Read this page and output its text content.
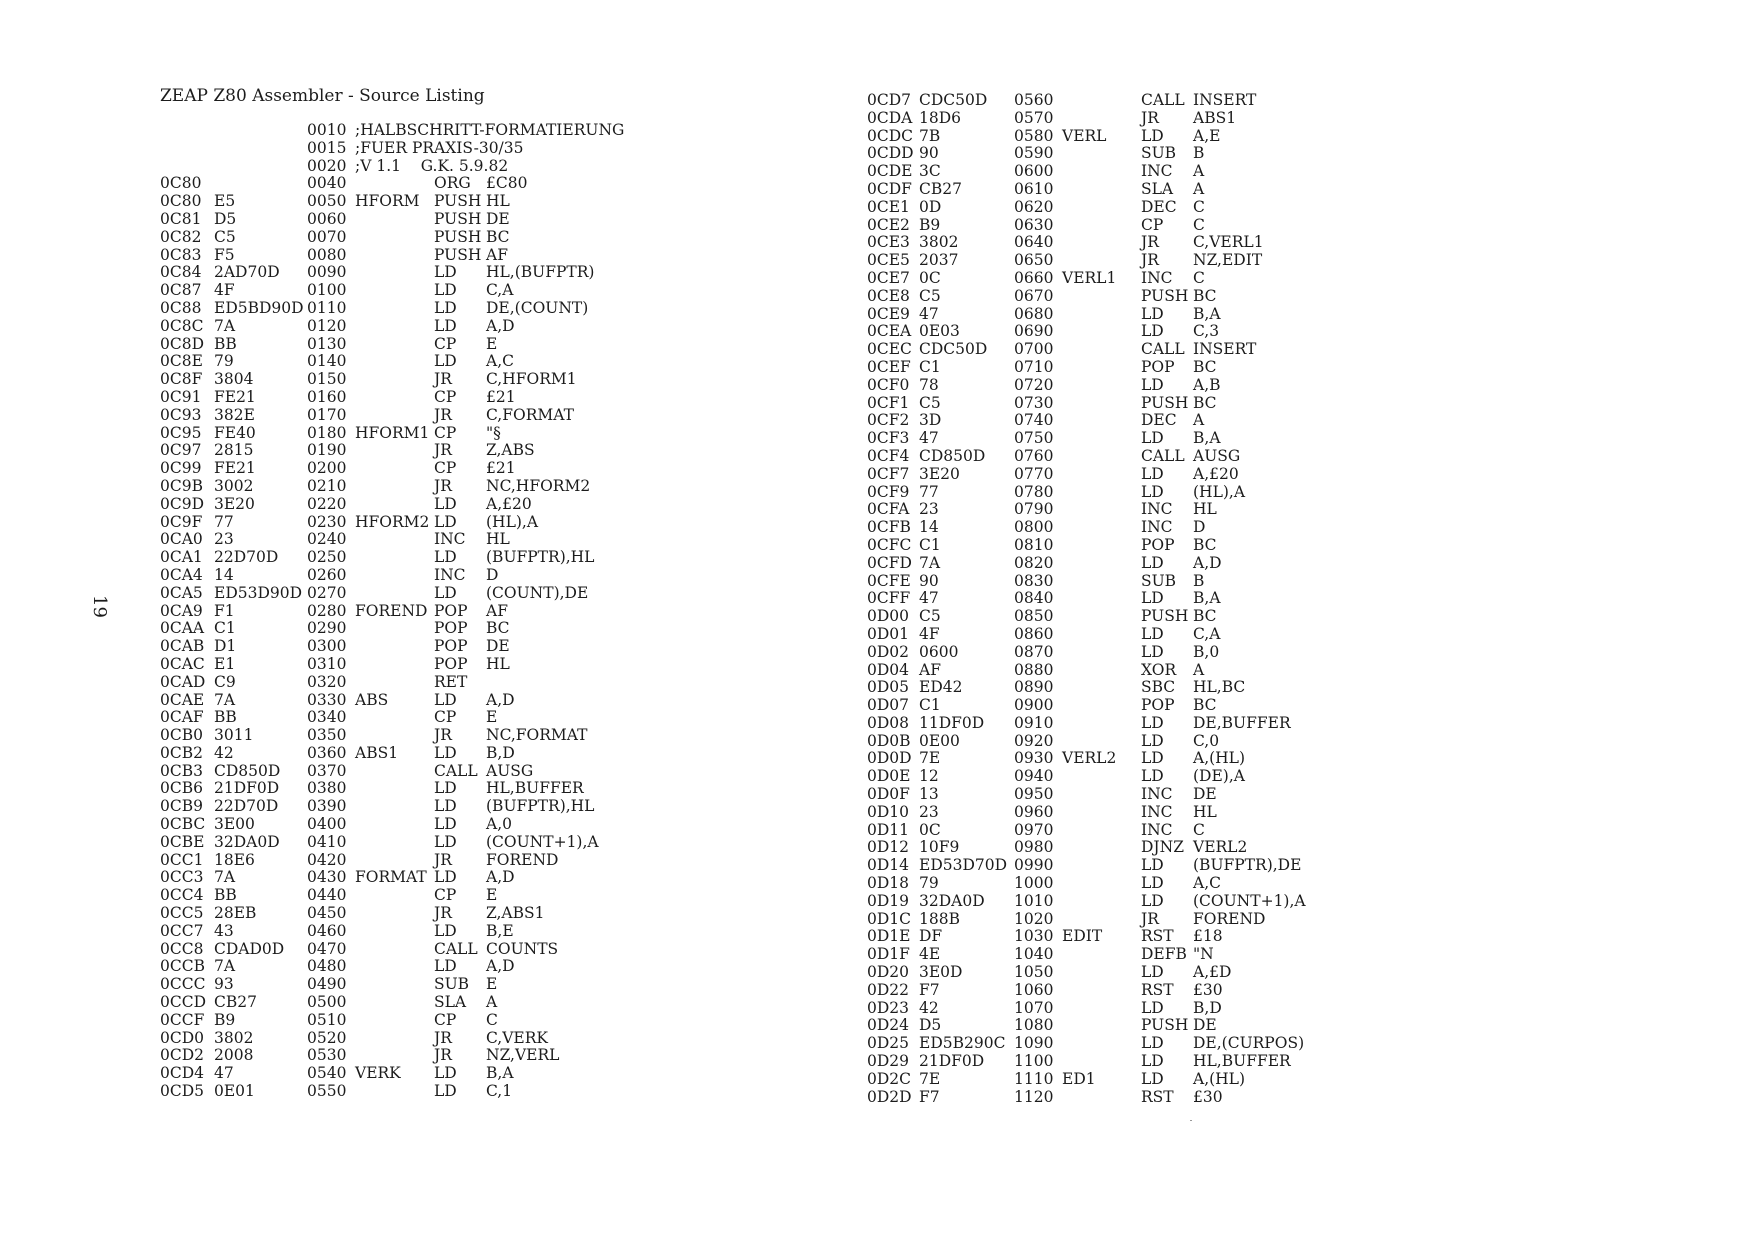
ZEAP Z80 Assembler - Source Listing
19
0010 ;HALBSCHRITT-FORMATIERUNG
0015 ;FUER PRAXIS-30/35
0020 ;V 1.1    G.K. 5.9.82
0C80	0040	ORG £C80
0C80 E5	0050 HFORM PUSH HL
0C81 D5	0060	PUSH DE
0C82 C5	0070	PUSH BC
0C83 F5	0080	PUSH AF
0C84 2AD70D	0090	LD	HL,(BUFPTR)
0C87 4F	0100	LD	C,A
0C88 ED5BD90D 0110	LD	DE,(COUNT)
0C8C 7A	0120	LD	A,D
0C8D BB	0130	CP	E
0C8E 79	0140	LD	A,C
0C8F 3804	0150	JR	C,HFORM1
0C91 FE21	0160	CP	£21
0C93 382E	0170	JR	C,FORMAT
0C95 FE40	0180 HFORM1 CP	"§
0C97 2815	0190	JR	Z,ABS
0C99 FE21	0200	CP	£21
0C9B 3002	0210	JR	NC,HFORM2
0C9D 3E20	0220	LD	A,£20
0C9F 77	0230 HFORM2 LD	(HL),A
0CA0 23	0240	INC	HL
0CA1 22D70D	0250	LD	(BUFPTR),HL
0CA4 14	0260	INC	D
0CA5 ED53D90D 0270	LD	(COUNT),DE
0CA9 F1	0280 FOREND POP	AF
0CAA C1	0290	POP	BC
0CAB D1	0300	POP	DE
0CAC E1	0310	POP	HL
0CAD C9	0320	RET
0CAE 7A	0330 ABS	LD	A,D
0CAF BB	0340	CP	E
0CB0 3011	0350	JR	NC,FORMAT
0CB2 42	0360 ABS1	LD	B,D
0CB3 CD850D	0370	CALL AUSG
0CB6 21DF0D	0380	LD	HL,BUFFER
0CB9 22D70D	0390	LD	(BUFPTR),HL
0CBC 3E00	0400	LD	A,0
0CBE 32DA0D	0410	LD	(COUNT+1),A
0CC1 18E6	0420	JR	FOREND
0CC3 7A	0430 FORMAT LD	A,D
0CC4 BB	0440	CP	E
0CC5 28EB	0450	JR	Z,ABS1
0CC7 43	0460	LD	B,E
0CC8 CDAD0D	0470	CALL COUNTS
0CCB 7A	0480	LD	A,D
0CCC 93	0490	SUB	E
0CCD CB27	0500	SLA	A
0CCF B9	0510	CP	C
0CD0 3802	0520	JR	C,VERK
0CD2 2008	0530	JR	NZ,VERL
0CD4 47	0540 VERK	LD	B,A
0CD5 0E01	0550	LD	C,1
0CD7 CDC50D	0560	CALL INSERT
0CDA 18D6	0570	JR	ABS1
0CDC 7B	0580 VERL	LD	A,E
0CDD 90	0590	SUB	B
0CDE 3C	0600	INC	A
0CDF CB27	0610	SLA	A
0CE1 0D	0620	DEC	C
0CE2 B9	0630	CP	C
0CE3 3802	0640	JR	C,VERL1
0CE5 2037	0650	JR	NZ,EDIT
0CE7 0C	0660 VERL1	INC	C
0CE8 C5	0670	PUSH BC
0CE9 47	0680	LD	B,A
0CEA 0E03	0690	LD	C,3
0CEC CDC50D	0700	CALL INSERT
0CEF C1	0710	POP	BC
0CF0 78	0720	LD	A,B
0CF1 C5	0730	PUSH BC
0CF2 3D	0740	DEC	A
0CF3 47	0750	LD	B,A
0CF4 CD850D	0760	CALL AUSG
0CF7 3E20	0770	LD	A,£20
0CF9 77	0780	LD	(HL),A
0CFA 23	0790	INC	HL
0CFB 14	0800	INC	D
0CFC C1	0810	POP	BC
0CFD 7A	0820	LD	A,D
0CFE 90	0830	SUB	B
0CFF 47	0840	LD	B,A
0D00 C5	0850	PUSH BC
0D01 4F	0860	LD	C,A
0D02 0600	0870	LD	B,0
0D04 AF	0880	XOR	A
0D05 ED42	0890	SBC	HL,BC
0D07 C1	0900	POP	BC
0D08 11DF0D	0910	LD	DE,BUFFER
0D0B 0E00	0920	LD	C,0
0D0D 7E	0930 VERL2	LD	A,(HL)
0D0E 12	0940	LD	(DE),A
0D0F 13	0950	INC	DE
0D10 23	0960	INC	HL
0D11 0C	0970	INC	C
0D12 10F9	0980	DJNZ VERL2
0D14 ED53D70D 0990	LD	(BUFPTR),DE
0D18 79	1000	LD	A,C
0D19 32DA0D	1010	LD	(COUNT+1),A
0D1C 188B	1020	JR	FOREND
0D1E DF	1030 EDIT	RST	£18
0D1F 4E	1040	DEFB "N
0D20 3E0D	1050	LD	A,£D
0D22 F7	1060	RST	£30
0D23 42	1070	LD	B,D
0D24 D5	1080	PUSH DE
0D25 ED5B290C 1090	LD	DE,(CURPOS)
0D29 21DF0D	1100	LD	HL,BUFFER
0D2C 7E	1110 ED1	LD	A,(HL)
0D2D F7	1120	RST	£30
